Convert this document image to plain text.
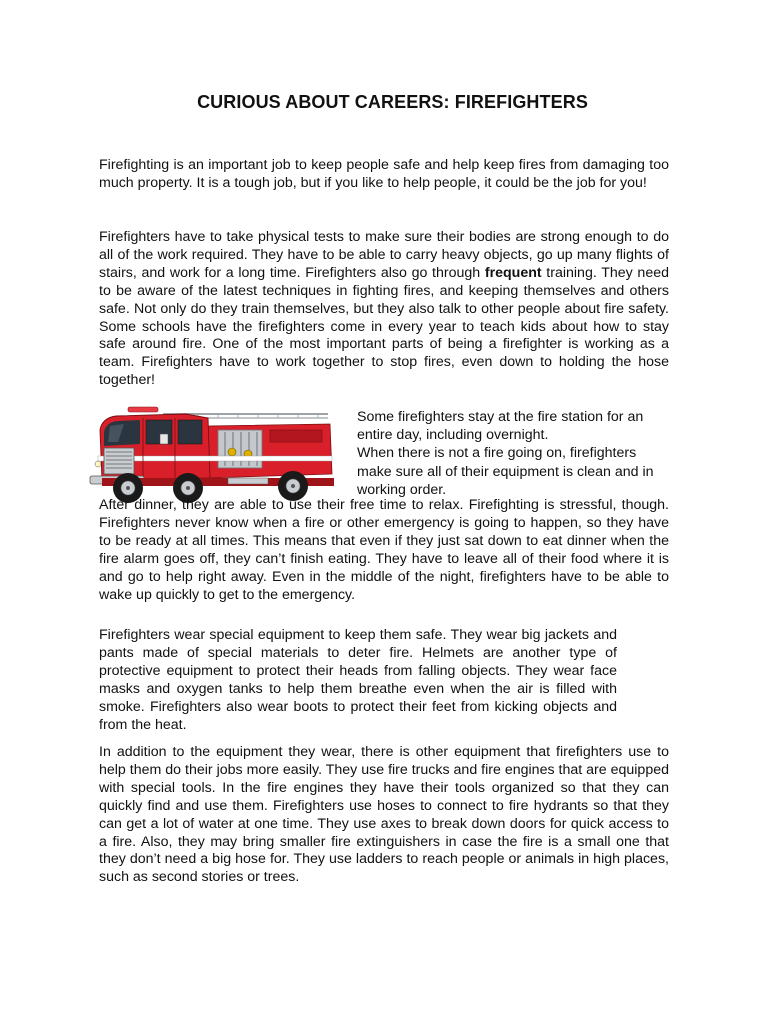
CURIOUS ABOUT CAREERS: FIREFIGHTERS

Firefighting is an important job to keep people safe and help keep fires from damaging too much property. It is a tough job, but if you like to help people, it could be the job for you!

Firefighters have to take physical tests to make sure their bodies are strong enough to do all of the work required. They have to be able to carry heavy objects, go up many flights of stairs, and work for a long time. Firefighters also go through frequent training. They need to be aware of the latest techniques in fighting fires, and keeping themselves and others safe. Not only do they train themselves, but they also talk to other people about fire safety. Some schools have the firefighters come in every year to teach kids about how to stay safe around fire. One of the most important parts of being a firefighter is working as a team. Firefighters have to work together to stop fires, even down to holding the hose together!

Some firefighters stay at the fire station for an entire day, including overnight.
When there is not a fire going on, firefighters make sure all of their equipment is clean and in working order.

After dinner, they are able to use their free time to relax. Firefighting is stressful, though. Firefighters never know when a fire or other emergency is going to happen, so they have to be ready at all times. This means that even if they just sat down to eat dinner when the fire alarm goes off, they can’t finish eating. They have to leave all of their food where it is and go to help right away. Even in the middle of the night, firefighters have to be able to wake up quickly to get to the emergency.

Firefighters wear special equipment to keep them safe. They wear big jackets and pants made of special materials to deter fire. Helmets are another type of protective equipment to protect their heads from falling objects. They wear face masks and oxygen tanks to help them breathe even when the air is filled with smoke. Firefighters also wear boots to protect their feet from kicking objects and from the heat.

In addition to the equipment they wear, there is other equipment that firefighters use to help them do their jobs more easily. They use fire trucks and fire engines that are equipped with special tools. In the fire engines they have their tools organized so that they can quickly find and use them. Firefighters use hoses to connect to fire hydrants so that they can get a lot of water at one time. They use axes to break down doors for quick access to a fire. Also, they may bring smaller fire extinguishers in case the fire is a small one that they don’t need a big hose for. They use ladders to reach people or animals in high places, such as second stories or trees.
